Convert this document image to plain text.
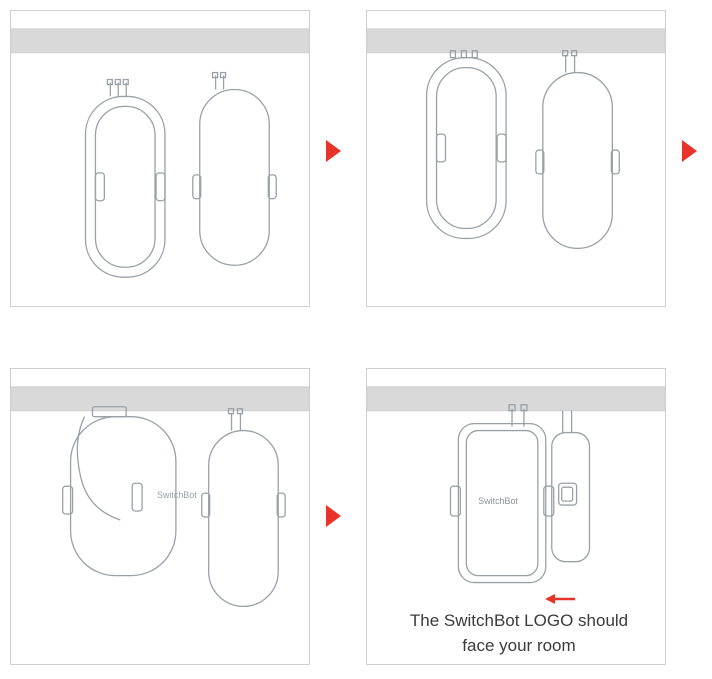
SwitchBot
SwitchBot
The SwitchBot LOGO should
face your room
